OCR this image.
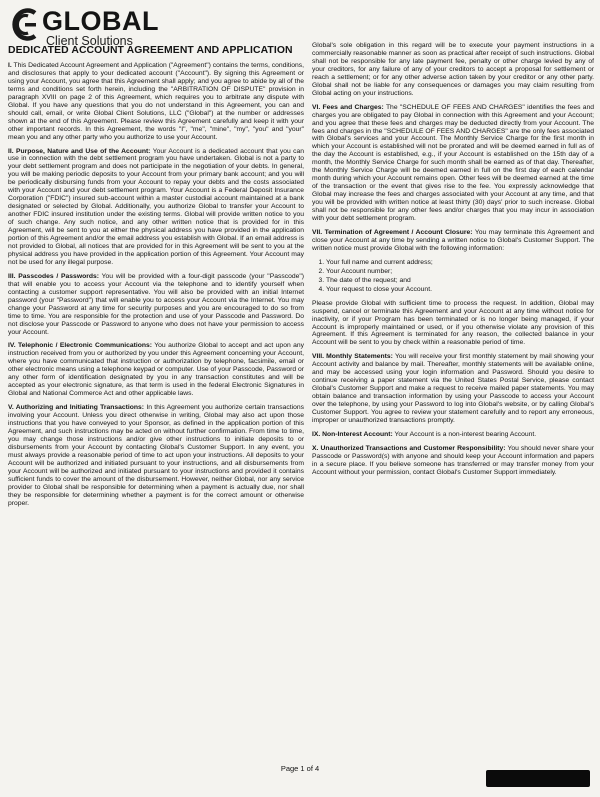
GLOBAL
Client Solutions
DEDICATED ACCOUNT AGREEMENT AND APPLICATION
I. This Dedicated Account Agreement and Application ("Agreement") contains the terms, conditions, and disclosures that apply to your dedicated account ("Account"). By signing this Agreement or using your Account, you agree that this Agreement shall apply; and you agree to abide by all of the terms and conditions set forth herein, including the "ARBITRATION OF DISPUTE" provision in paragraph XVIII on page 2 of this Agreement, which requires you to arbitrate any dispute with Global. If you have any questions that you do not understand in this Agreement, you can and should call, email, or write Global Client Solutions, LLC ("Global") at the number or addresses shown at the end of this Agreement. Please review this Agreement carefully and keep it with your other important records. In this Agreement, the words "I", "me", "mine", "my", "you" and "your" mean you and any other party who you authorize to use your Account.
II. Purpose, Nature and Use of the Account: Your Account is a dedicated account that you can use in connection with the debt settlement program you have undertaken. Global is not a party to your debt settlement program and does not participate in the negotiation of your debts. In general, you will be making periodic deposits to your Account from your primary bank account; and you will be periodically disbursing funds from your Account to repay your debts and the costs associated with your Account and your debt settlement program. Your Account is a Federal Deposit Insurance Corporation ("FDIC") insured sub-account within a master custodial account maintained at a bank designated or selected by Global. Additionally, you authorize Global to transfer your Account to another FDIC insured institution under the existing terms. Global will provide written notice to you of such change. Any such notice, and any other written notice that is provided for in this Agreement, will be sent to you at either the physical address you have provided in the application portion of this Agreement and/or the email address you establish with Global. If an email address is not provided to Global, all notices that are provided for in this Agreement will be sent to you at the physical address you have provided in the application portion of this Agreement. Your Account may not be used for any illegal purpose.
III. Passcodes / Passwords: You will be provided with a four-digit passcode (your "Passcode") that will enable you to access your Account via the telephone and to identify yourself when contacting a customer support representative. You will also be provided with an initial Internet password (your "Password") that will enable you to access your Account via the Internet. You may change your Password at any time for security purposes and you are encouraged to do so from time to time. You are responsible for the protection and use of your Passcode and Password. Do not disclose your Passcode or Password to anyone who does not have your permission to access your Account.
IV. Telephonic / Electronic Communications: You authorize Global to accept and act upon any instruction received from you or authorized by you under this Agreement concerning your Account, where you have communicated that instruction or authorization by telephone, facsimile, email or other electronic means using a telephone keypad or computer. Use of your Passcode, Password or any other form of identification designated by you in any transaction constitutes and will be accepted as your electronic signature, as that term is used in the federal Electronic Signatures in Global and National Commerce Act and other applicable laws.
V. Authorizing and Initiating Transactions: In this Agreement you authorize certain transactions involving your Account. Unless you direct otherwise in writing, Global may also act upon those instructions that you have conveyed to your Sponsor, as defined in the application portion of this Agreement, and such instructions may be acted on without further confirmation. From time to time, you may change those instructions and/or give other instructions to initiate deposits to or disbursements from your Account by contacting Global's Customer Support. In any event, you must always provide a reasonable period of time to act upon your instructions. All deposits to your Account will be authorized and initiated pursuant to your instructions, and all disbursements from your Account will be authorized and initiated pursuant to your instructions and provided it contains sufficient funds to cover the amount of the disbursement. However, neither Global, nor any service provider to Global shall be responsible for determining when a payment is actually due, nor shall they be responsible for determining whether a payment is for the correct amount or otherwise proper.
Global's sole obligation in this regard will be to execute your payment instructions in a commercially reasonable manner as soon as practical after receipt of such instructions. Global shall not be responsible for any late payment fee, penalty or other charge levied by any of your creditors, for any failure of any of your creditors to accept a proposal for settlement or reach a settlement; or for any other adverse action taken by your creditor or any other party. Global shall not be liable for any consequences or damages you may claim resulting from Global acting on your instructions.
VI. Fees and Charges: The "SCHEDULE OF FEES AND CHARGES" identifies the fees and charges you are obligated to pay Global in connection with this Agreement and your Account; and you agree that these fees and charges may be deducted directly from your Account. The fees and charges in the "SCHEDULE OF FEES AND CHARGES" are the only fees associated with Global's services and your Account. The Monthly Service Charge for the first month in which your Account is established will not be prorated and will be deemed earned in full as of the day the Account is established, e.g., if your Account is established on the 15th day of a month, the Monthly Service Charge for such month shall be earned as of that day. Thereafter, the Monthly Service Charge will be deemed earned in full on the first day of each calendar month during which your Account remains open. Other fees will be deemed earned at the time of the transaction or the event that gives rise to the fee. You expressly acknowledge that Global may increase the fees and charges associated with your Account at any time, and that you will be provided with written notice at least thirty (30) days' prior to such increase. Global shall not be responsible for any other fees and/or charges that you may incur in association with your debt settlement program.
VII. Termination of Agreement / Account Closure: You may terminate this Agreement and close your Account at any time by sending a written notice to Global's Customer Support. The written notice must provide Global with the following information:
1. Your full name and current address;
2. Your Account number;
3. The date of the request; and
4. Your request to close your Account.
Please provide Global with sufficient time to process the request. In addition, Global may suspend, cancel or terminate this Agreement and your Account at any time without notice for inactivity, or if your Program has been terminated or is no longer being managed, if your Account is improperly maintained or used, or if you otherwise violate any provision of this Agreement. If this Agreement is terminated for any reason, the collected balance in your Account will be sent to you by check within a reasonable period of time.
VIII. Monthly Statements: You will receive your first monthly statement by mail showing your Account activity and balance by mail. Thereafter, monthly statements will be available online, and may be accessed using your login information and Password. Should you desire to continue receiving a paper statement via the United States Postal Service, please contact Global's Customer Support and make a request to receive mailed paper statements. You may obtain balance and transaction information by using your Passcode to access your Account over the telephone, by using your Password to log into Global's website, or by calling Global's Customer Support. You agree to review your statement carefully and to report any erroneous, improper or unauthorized transactions promptly.
IX. Non-Interest Account: Your Account is a non-interest bearing Account.
X. Unauthorized Transactions and Customer Responsibility: You should never share your Passcode or Password(s) with anyone and should keep your Account information and papers in a secure place. If you believe someone has transferred or may transfer money from your Account without your permission, contact Global's Customer Support immediately.
Page 1 of 4
